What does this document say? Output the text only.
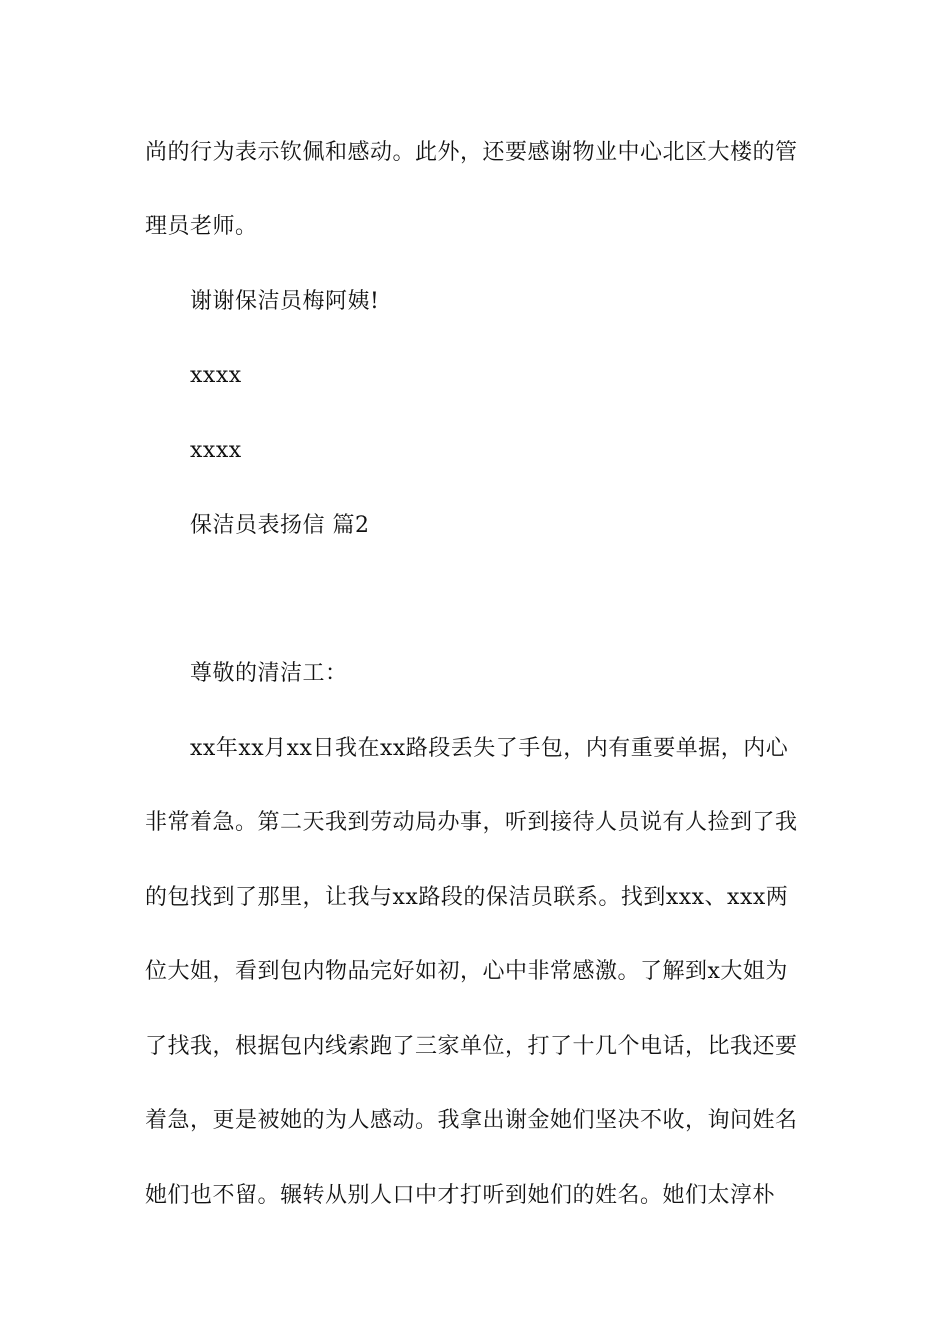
尚的行为表示钦佩和感动。此外，还要感谢物业中心北区大楼的管
理员老师。
谢谢保洁员梅阿姨!
xxxx
xxxx
保洁员表扬信 篇2
尊敬的清洁工：
xx年xx月xx日我在xx路段丢失了手包，内有重要单据，内心
非常着急。第二天我到劳动局办事，听到接待人员说有人捡到了我
的包找到了那里，让我与xx路段的保洁员联系。找到xxx、xxx两
位大姐，看到包内物品完好如初，心中非常感激。了解到x大姐为
了找我，根据包内线索跑了三家单位，打了十几个电话，比我还要
着急，更是被她的为人感动。我拿出谢金她们坚决不收，询问姓名
她们也不留。辗转从别人口中才打听到她们的姓名。她们太淳朴
